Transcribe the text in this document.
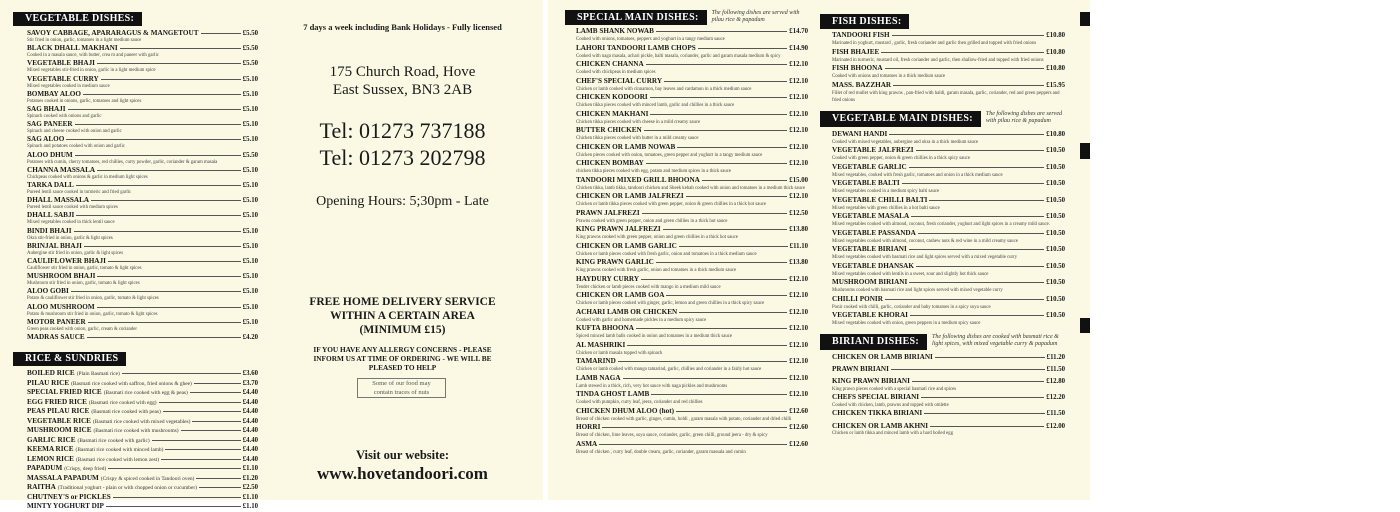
VEGETABLE DISHES:
SAVOY CABBAGE, APARARAGUS & MANGETOUT	£5.50
Stir fried in onion, garlic, tomatoes in a light medium sauce
BLACK DHALL MAKHANI	£5.50
Cooked in a masala sauce, with butter, crea m and paneer with garlic
VEGETABLE BHAJI	£5.50
Mixed vegetables stir-fried in onion, garlic in a light medium spice
VEGETABLE CURRY	£5.10
Mixed vegetables cooked in medium sauce
BOMBAY ALOO	£5.10
Potatoes cooked in onions, garlic, tomatoes and light spices
SAG BHAJI	£5.10
Spinach cooked with onions and garlic
SAG PANEER	£5.10
Spinach and cheese cooked with onion and garlic
SAG ALOO	£5.10
Spinach and potatoes cooked with onion and garlic
ALOO DHUM	£5.50
Potatoes with cumin, cherry tomatoes, red chillies, curry powder, garlic, coriander & garam masala
CHANNA MASSALA	£5.10
Chickpeas cooked with onions & garlic in medium light spices
TARKA DALL	£5.10
Pureed lentil sauce cooked in turmeric and fried garlic
DHALL MASSALA	£5.10
Pureed lentil sauce cooked with medium spices
DHALL SABJI	£5.10
Mixed vegetables cooked in thick lentil sauce
BINDI BHAJI	£5.10
Okra stir-fried in onion, garlic & light spices
BRINJAL BHAJI	£5.10
Aubergine stir fried in onion, garlic & light spices
CAULIFLOWER BHAJI	£5.10
Cauliflower stir fried in onion, garlic, tomato & light spices
MUSHROOM BHAJI	£5.10
Mushroom stir fried in onion, garlic, tomato & light spices
ALOO GOBI	£5.10
Potato & cauliflower stir fried in onion, garlic, tomato & light spices
ALOO MUSHROOM	£5.10
Potato & mushroom stir fried in onion, garlic, tomato & light spices
MOTOR PANEER	£5.10
Green peas cooked with onion, garlic, cream & coriander
MADRAS SAUCE	£4.20
RICE & SUNDRIES
BOILED RICE (Plain Basmati rice)	£3.60
PILAU RICE (Basmati rice cooked with saffron, fried onions & ghee)	£3.70
SPECIAL FRIED RICE (Basmati rice cooked with egg & peas)	£4.40
EGG FRIED RICE (Basmati rice cooked with egg)	£4.40
PEAS PILAU RICE (Basmati rice cooked with peas)	£4.40
VEGETABLE RICE (Basmati rice cooked with mixed vegetables)	£4.40
MUSHROOM RICE (Basmati rice cooked with mushrooms)	£4.40
GARLIC RICE (Basmati rice cooked with garlic)	£4.40
KEEMA RICE (Basmati rice cooked with minced lamb)	£4.40
LEMON RICE (Basmati rice cooked with lemon zest)	£4.40
PAPADUM (Crispy, deep fried)	£1.10
MASSALA PAPADUM (Crispy & spiced cooked in Tandoori oven)	£1.20
RAITHA (Traditional yoghurt - plain or with chopped onion or cucumber)	£2.50
CHUTNEY'S or PICKLES	£1.10
MINTY YOGHURT DIP	£1.10
7 days a week including Bank Holidays - Fully licensed
175 Church Road, Hove
East Sussex, BN3 2AB
Tel: 01273 737188
Tel: 01273 202798
Opening Hours: 5;30pm - Late
FREE HOME DELIVERY SERVICE
WITHIN A CERTAIN AREA
(MINIMUM £15)
IF YOU HAVE ANY ALLERGY CONCERNS - PLEASE
INFORM US AT TIME OF ORDERING - WE WILL BE
PLEASED TO HELP
Some of our food may
contain traces of nuts
Visit our website:
www.hovetandoori.com
SPECIAL MAIN DISHES:	The following dishes are served with pilau rice & papadum
LAMB SHANK NOWAB	£14.70
Cooked with onions, tomatoes, peppers and yoghurt in a tangy medium sauce
LAHORI TANDOORI LAMB CHOPS	£14.90
Cooked with naga masala, achari pickle, balti masala, coriander, garlic and garam masala medium & spicy
CHICKEN CHANNA	£12.10
Cooked with chickpeas in medium spices
CHEF'S SPECIAL CURRY	£12.10
Chicken or lamb cooked with cinnamon, bay leaves and cardamon in a thick medium sauce
CHICKEN KODOORI	£12.10
Chicken tikka pieces cooked with minced lamb, garlic and chillies in a thick sauce
CHICKEN MAKHANI	£12.10
Chicken tikka pieces cooked with cheese in a mild creamy sauce
BUTTER CHICKEN	£12.10
Chicken tikka pieces cooked with butter in a mild creamy sauce
CHICKEN OR LAMB NOWAB	£12.10
Chicken pieces cooked with onion, tomatoes, green pepper and yoghurt in a tangy medium sauce
CHICKEN BOMBAY	£12.10
chicken tikka pieces cooked with egg, potato and medium spices in a thick sauce
TANDOORI MIXED GRILL BHOONA	£15.00
Chicken tikka, lamb tikka, tandoori chicken and Sheek kebab cooked with onion and tomatoes in a medium thick sauce
CHICKEN OR LAMB JALFREZI	£12.10
Chicken or lamb tikka pieces cooked with green pepper, onion & green chillies in a thick hot sauce
PRAWN JALFREZI	£12.50
Prawns cooked with green pepper, onion and green chillies in a thick hot sauce
KING PRAWN JALFREZI	£13.80
King prawns cooked with green pepper, onion and green chillies in a thick hot sauce
CHICKEN OR LAMB GARLIC	£11.10
Chicken or lamb pieces cooked with fresh garlic, onion and tomatoes in a thick medium sauce
KING PRAWN GARLIC	£13.80
King prawns cooked with fresh garlic, onion and tomatoes in a thick medium sauce
HAYDURY CURRY	£12.10
Tender chicken or lamb pieces cooked with mango in a medium mild sauce
CHICKEN OR LAMB GOA	£12.10
Chicken or lamb pieces cooked with ginger, garlic, lemon and green chillies in a thick spicy sauce
ACHARI LAMB OR CHICKEN	£12.10
Cooked with garlic and homemade pickles in a medium spicy sauce
KUFTA BHOONA	£12.10
Spiced minced lamb balls cooked in onion and tomatoes in a medium thick sauce
AL MASHRIKI	£12.10
Chicken or lamb masala topped with spinach
TAMARIND	£12.10
Chicken or lamb cooked with mango tamarind, garlic, chillies and coriander in a fairly hot sauce
LAMB NAGA	£12.10
Lamb stewed in a thick, rich, very hot sauce with naga pickles and mushrooms
TINDA GHOST LAMB	£12.10
Cooked with pumpkin, curry leaf, jeera, coriander and red chillies
CHICKEN DHUM ALOO (hot)	£12.60
Breast of chicken cooked with garlic, ginger, cumin, holdi , garam masala with potato, coriander and dried chilli
HORRI	£12.60
Breast of chicken, lime leaves, soya sauce, coriander, garlic, green chilli, ground jeera - dry & spicy
ASMA	£12.60
Breast of chicken , curry leaf, double cream, garlic, coriander, garam massala and cumin
FISH DISHES:
TANDOORI FISH	£10.80
Marinated in yoghurt, mustard , garlic, fresh coriander and garlic then grilled and topped with fried onions
FISH BHAJEE	£10.80
Marinated in turmeric, mustard oil, fresh coriander and garlic, then shallow-fried and topped with fried onions
FISH BHOONA	£10.80
Cooked with onions and tomatoes in a thick medium sauce
MASS. BAZZHAR	£15.95
Fillet of red mullet with king prawns , pan-fried with haldi, garam masala, garlic, coriander, red and green peppers and fried onions
VEGETABLE MAIN DISHES:	The following dishes are served with pilau rice & papadum
DEWANI HANDI	£10.80
Cooked with mixed vegetables, aubergine and okra in a thick medium sauce
VEGETABLE JALFREZI	£10.50
Cooked with green pepper, onion & green chillies in a thick spicy sauce
VEGETABLE GARLIC	£10.50
Mixed vegetables, cooked with fresh garlic, tomatoes and onion in a thick medium sauce
VEGETABLE BALTI	£10.50
Mixed vegetables cooked in a medium spicy balti sauce
VEGETABLE CHILLI BALTI	£10.50
Mixed vegetables with green chillies in a hot balti sauce
VEGETABLE MASALA	£10.50
Mixed vegetables cooked with almond, coconut, fresh coriander, yoghurt and light spices in a creamy mild sauce.
VEGETABLE PASSANDA	£10.50
Mixed vegetables cooked with almond, coconut, cashew nuts & red wine in a mild creamy sauce
VEGETABLE BIRIANI	£10.50
Mixed vegetables cooked with basmati rice and light spices served with a mixed vegetable curry
VEGETABLE DHANSAK	£10.50
Mixed vegetables cooked with lentils in a sweet, sour and slightly hot thick sauce
MUSHROOM BIRIANI	£10.50
Mushrooms cooked with basmati rice and light spices served with mixed vegetable curry
CHILLI PONIR	£10.50
Ponir cooked with chilli, garlic, coriander and baby tomatoes in a spicy soya sauce
VEGETABLE KHORAI	£10.50
Mixed vegetables cooked with onion, green peppers in a medium spicy sauce
BIRIANI DISHES:	The following dishes are cooked with basmati rice & light spices, with mixed vegetable curry & papadum
CHICKEN OR LAMB BIRIANI	£11.20
PRAWN BIRIANI	£11.50
KING PRAWN BIRIANI	£12.80
King prawn pieces cooked with a special basmati rice and spices
CHEFS SPECIAL BIRIANI	£12.20
Cooked with chicken, lamb, prawns and topped with omlette
CHICKEN TIKKA BIRIANI	£11.50
CHICKEN OR LAMB AKHNI	£12.00
Chicken or lamb tikka and minced lamb with a hard boiled egg
